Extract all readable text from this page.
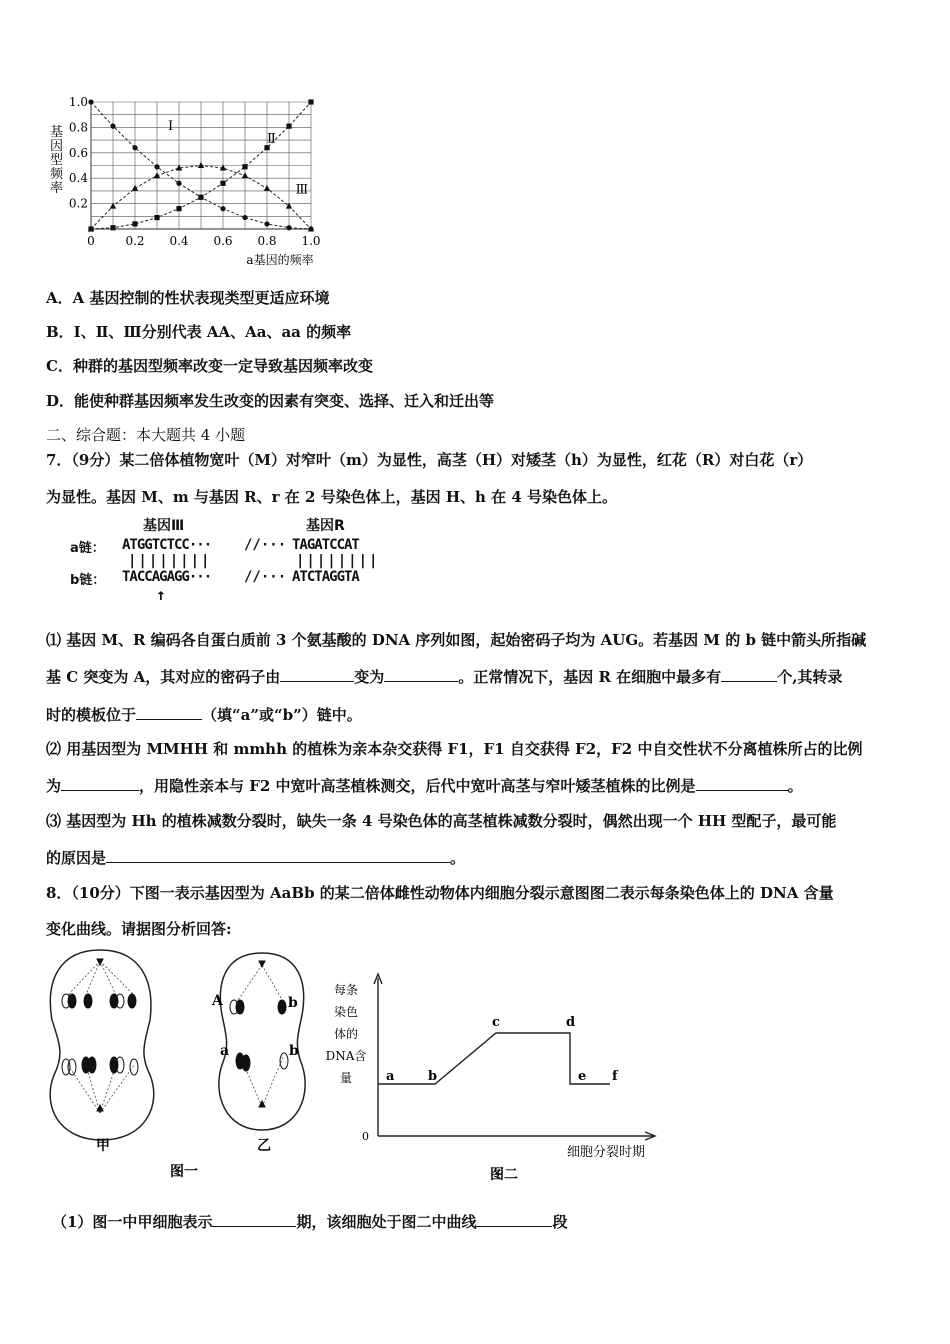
Ⅰ
Ⅱ
Ⅲ
0.2
0.4
0.6
0.8
1.0
0	0.2 0.4 0.6 0.8 1.0
基
因
型
频
率
a基因的频率
A．A 基因控制的性状表现类型更适应环境
B．Ⅰ、Ⅱ、Ⅲ分别代表 AA、Aa、aa 的频率
C．种群的基因型频率改变一定导致基因频率改变
D．能使种群基因频率发生改变的因素有突变、选择、迁入和迁出等
二、综合题：本大题共 4 小题
7．（9分）某二倍体植物宽叶（M）对窄叶（m）为显性，高茎（H）对矮茎（h）为显性，红花（R）对白花（r）
为显性。基因 M、m 与基因 R、r 在 2 号染色体上，基因 H、h 在 4 号染色体上。
基因Ⅲ	基因R
a链： ATGGTCTCC··· //··· TAGATCCAT
||||||||	||||||||
b链： TACCAGAGG··· //··· ATCTAGGTA
↑
⑴ 基因 M、R 编码各自蛋白质前 3 个氨基酸的 DNA 序列如图，起始密码子均为 AUG。若基因 M 的 b 链中箭头所指碱
基 C 突变为 A，其对应的密码子由	变为	。正常情况下，基因 R 在细胞中最多有	个,其转录
时的模板位于	（填“a”或“b”）链中。
⑵ 用基因型为 MMHH 和 mmhh 的植株为亲本杂交获得 F1，F1 自交获得 F2，F2 中自交性状不分离植株所占的比例
为	，用隐性亲本与 F2 中宽叶高茎植株测交，后代中宽叶高茎与窄叶矮茎植株的比例是	。
⑶ 基因型为 Hh 的植株减数分裂时，缺失一条 4 号染色体的高茎植株减数分裂时，偶然出现一个 HH 型配子，最可能
的原因是	。
8．（10分）下图一表示基因型为 AaBb 的某二倍体雌性动物体内细胞分裂示意图图二表示每条染色体上的 DNA 含量
变化曲线。请据图分析回答:
A	b
a	b
甲	乙
图一
a	b
c	d
e f
每条
染色
体的
DNA含
量
0
细胞分裂时期
图二
（1）图一中甲细胞表示	期，该细胞处于图二中曲线	段
